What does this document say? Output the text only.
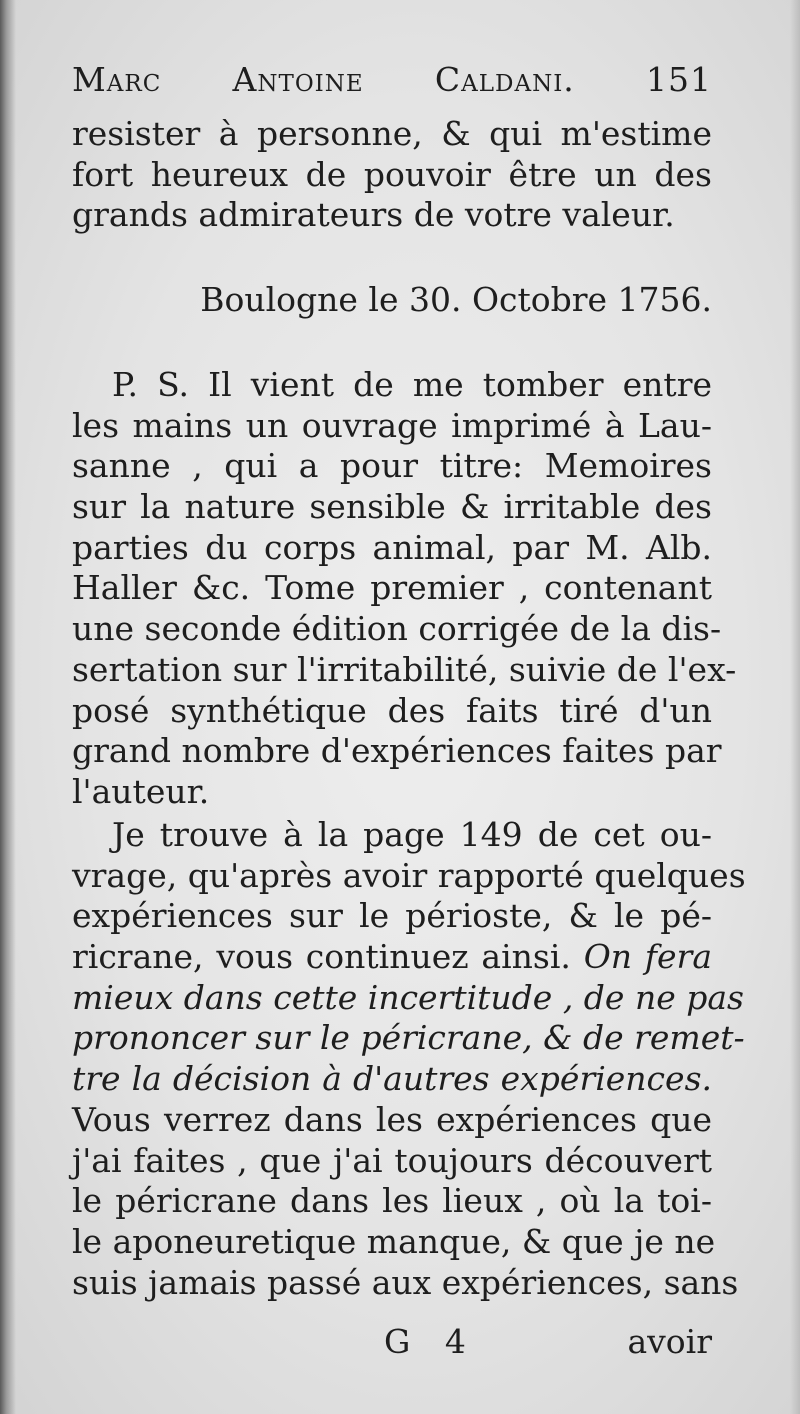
Marc Antoine Caldani. 151
resister à personne, & qui m'estime
fort heureux de pouvoir être un des
grands admirateurs de votre valeur.
Boulogne le 30. Octobre 1756.
P. S. Il vient de me tomber entre
les mains un ouvrage imprimé à Lau-
sanne , qui a pour titre: Memoires
sur la nature sensible & irritable des
parties du corps animal, par M. Alb.
Haller &c. Tome premier , contenant
une seconde édition corrigée de la dis-
sertation sur l'irritabilité, suivie de l'ex-
posé synthétique des faits tiré d'un
grand nombre d'expériences faites par
l'auteur.
Je trouve à la page 149 de cet ou-
vrage, qu'après avoir rapporté quelques
expériences sur le périoste, & le pé-
ricrane, vous continuez ainsi. On fera
mieux dans cette incertitude , de ne pas
prononcer sur le péricrane, & de remet-
tre la décision à d'autres expériences.
Vous verrez dans les expériences que
j'ai faites , que j'ai toujours découvert
le péricrane dans les lieux , où la toi-
le aponeuretique manque, & que je ne
suis jamais passé aux expériences, sans
G 4	avoir
